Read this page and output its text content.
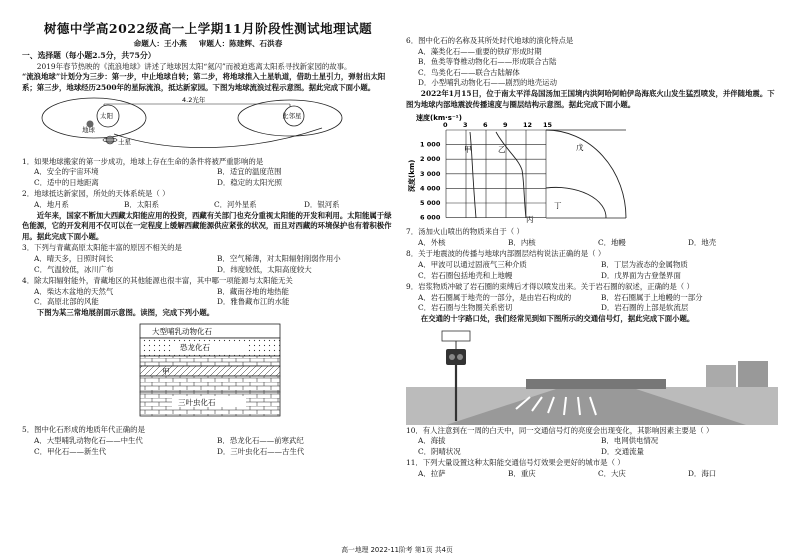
树德中学高2022级高一上学期11月阶段性测试地理试题

命题人：王小燕 审题人：陈建辉、石洪春

一、选择题（每小题2.5分，共75分）

2019年春节热映的《流浪地球》讲述了地球因太阳“氦闪”而被迫逃离太阳系寻找新家园的故事。

“流浪地球”计划分为三步：第一步，中止地球自转；第二步，将地球推入土星轨道，借助土星引力，弹射出太阳系；第三步，地球经历2500年的星际流浪，抵达新家园。下图为地球流浪过程示意图。据此完成下面小题。

太阳
地球
土星
4.2光年
比邻星

1．如果地球搬家的第一步成功，地球上存在生命的条件将被严重影响的是

A．安全的宇宙环境	B．适宜的温度范围
C．适中的日地距离	D．稳定的太阳光照

2．地球抵达新家园，所处的天体系统是（ ）

A．地月系	B．太阳系	C．河外星系	D．银河系

近年来，国家不断加大西藏太阳能应用的投资，西藏有关部门也充分重视太阳能的开发和利用。太阳能属于绿色能源，它的开发利用不仅可以在一定程度上缓解西藏能源供应紧张的状况，而且对西藏的环境保护也有着积极作用。据此完成下面小题。

3．下列与青藏高原太阳能丰富的原因不相关的是

A．晴天多，日照时间长	B．空气稀薄，对太阳辐射削弱作用小
C．气温较低，冰川广布	D．纬度较低，太阳高度较大

4．除太阳辐射能外，青藏地区的其他能源也很丰富，其中哪一项能源与太阳能无关

A．柴达木盆地的天然气	B．藏南谷地的地热能
C．高原北部的风能	D．雅鲁藏布江的水能

下图为某三常地展剖面示意图。读图，完成下列小题。

大型哺乳动物化石
恐龙化石
甲
三叶虫化石

5．图中化石形成的地质年代正确的是

A．大型哺乳动物化石——中生代	B．恐龙化石——前寒武纪
C．甲化石——新生代	D．三叶虫化石——古生代

6．图中化石的名称及其所处时代地球的演化特点是

A．藻类化石——重要的铁矿形成时期

B．鱼类等脊椎动物化石——形成联合古陆

C．鸟类化石——联合古陆解体

D．小型哺乳动物化石——剧烈的地壳运动

2022年1月15日，位于南太平洋岛国汤加王国境内洪阿哈阿帕伊岛海底火山发生猛烈喷发，并伴随地震。下图为地球内部地震波传播速度与圈层结构示意图。据此完成下面小题。

速度(km·s⁻¹)
0 3 6 9 12 15
1 000
2 000
3 000
4 000
5 000
6 000
甲	乙	戊
丁
丙
深度(km)

7．汤加火山喷出的物质来自于（ ）

A．外核	B．内核	C．地幔	D．地壳

8．关于地震波的传播与地球内部圈层结构说法正确的是（ ）

A．甲波可以通过固液气三种介质	B．丁层为液态的金属物质
C．岩石圈包括地壳和上地幔	D．戊界面为古登堡界面

9．岩浆物质冲破了岩石圈的束缚后才得以喷发出来。关于岩石圈的叙述，正确的是（ ）

A．岩石圈属于地壳的一部分，是由岩石构成的	B．岩石圈属于上地幔的一部分
C．岩石圈与生物圈关系密切	D．岩石圈的上部是软流层

在交通的十字路口处，我们经常见到如下图所示的交通信号灯，据此完成下面小题。

10．有人注意到在一周的白天中，同一交通信号灯的亮度会出现变化，其影响因素主要是（ ）

A．海拔	B．电网供电情况
C．阴晴状况	D．交通流量

11．下列大量设置这种太阳能交通信号灯效果会更好的城市是（ ）

A．拉萨	B．重庆	C．大庆	D．海口
高一地理 2022-11阶考 第1页 共4页
